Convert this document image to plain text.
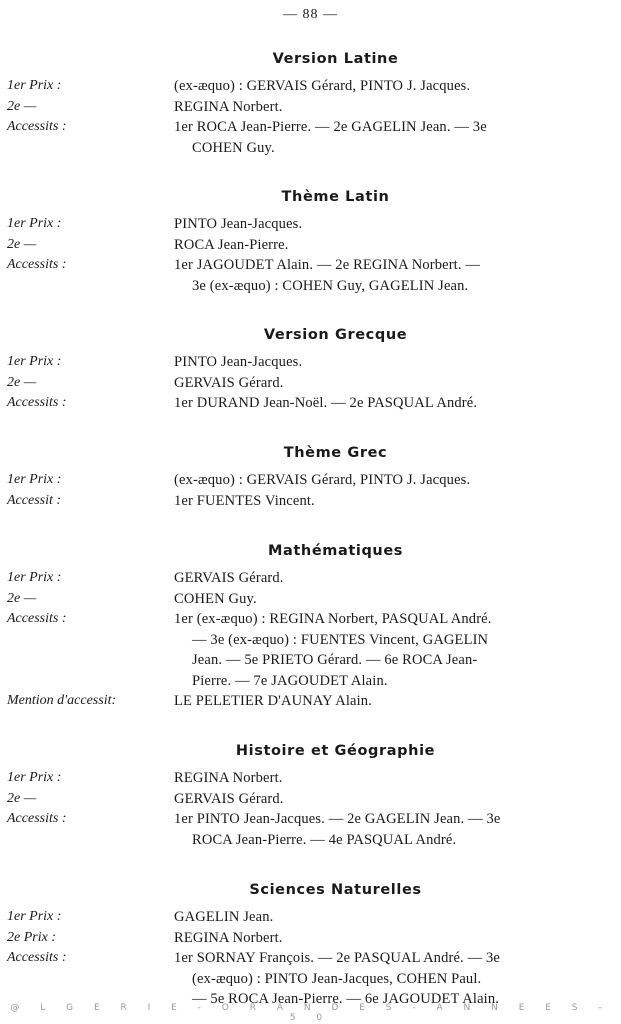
— 88 —
Version Latine
1er Prix :	(ex-æquo) : GERVAIS Gérard, PINTO J. Jacques.
2e —	REGINA Norbert.
Accessits :	1er ROCA Jean-Pierre. — 2e GAGELIN Jean. — 3e
COHEN Guy.
Thème Latin
1er Prix :	PINTO Jean-Jacques.
2e —	ROCA Jean-Pierre.
Accessits :	1er JAGOUDET Alain. — 2e REGINA Norbert. —
3e (ex-æquo) : COHEN Guy, GAGELIN Jean.
Version Grecque
1er Prix :	PINTO Jean-Jacques.
2e —	GERVAIS Gérard.
Accessits :	1er DURAND Jean-Noël. — 2e PASQUAL André.
Thème Grec
1er Prix :	(ex-æquo) : GERVAIS Gérard, PINTO J. Jacques.
Accessit :	1er FUENTES Vincent.
Mathématiques
1er Prix :	GERVAIS Gérard.
2e —	COHEN Guy.
Accessits :	1er (ex-æquo) : REGINA Norbert, PASQUAL André.
— 3e (ex-æquo) : FUENTES Vincent, GAGELIN
Jean. — 5e PRIETO Gérard. — 6e ROCA Jean-
Pierre. — 7e JAGOUDET Alain.
Mention d'accessit:	LE PELETIER D'AUNAY Alain.
Histoire et Géographie
1er Prix :	REGINA Norbert.
2e —	GERVAIS Gérard.
Accessits :	1er PINTO Jean-Jacques. — 2e GAGELIN Jean. — 3e
ROCA Jean-Pierre. — 4e PASQUAL André.
Sciences Naturelles
1er Prix :	GAGELIN Jean.
2e Prix :	REGINA Norbert.
Accessits :	1er SORNAY François. — 2e PASQUAL André. — 3e
(ex-æquo) : PINTO Jean-Jacques, COHEN Paul.
— 5e ROCA Jean-Pierre. — 6e JAGOUDET Alain.
@ L G E R I E - O R A N D E S - A N N E E S - 5 0
